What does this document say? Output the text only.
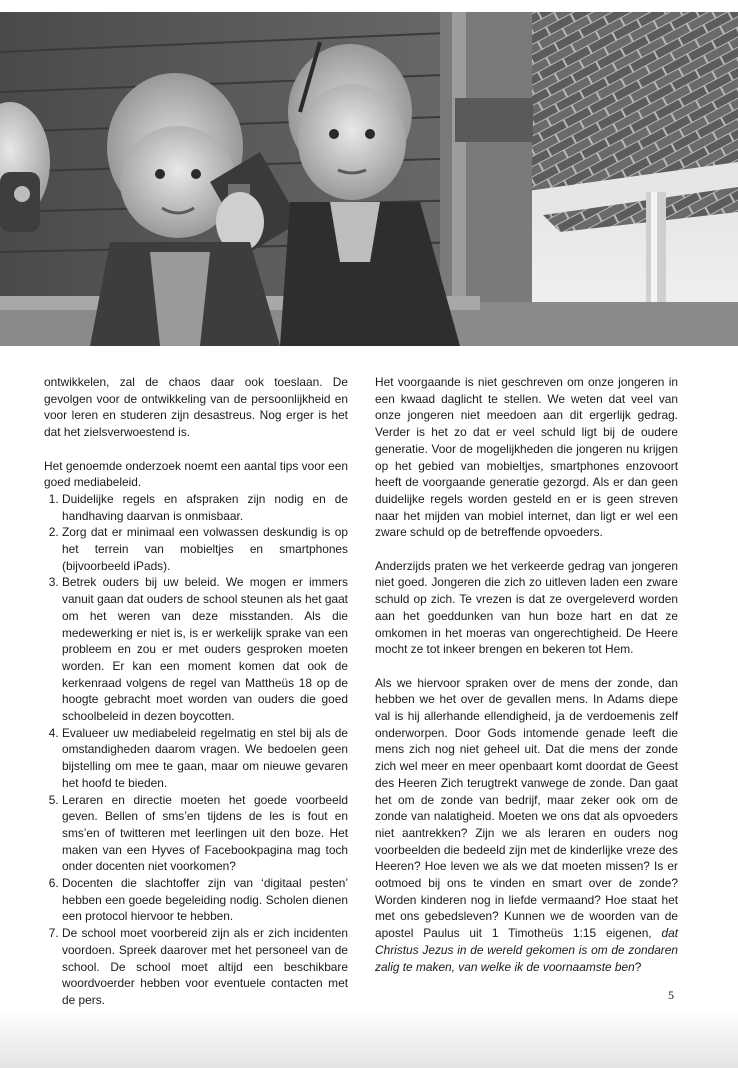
ontwikkelen, zal de chaos daar ook toeslaan. De gevolgen voor de ontwikkeling van de persoonlijkheid en voor leren en studeren zijn desastreus. Nog erger is het dat het zielsverwoestend is.

Het genoemde onderzoek noemt een aantal tips voor een goed mediabeleid.

1. Duidelijke regels en afspraken zijn nodig en de handhaving daarvan is onmisbaar.
2. Zorg dat er minimaal een volwassen deskundig is op het terrein van mobieltjes en smartphones (bijvoorbeeld iPads).
3. Betrek ouders bij uw beleid. We mogen er immers vanuit gaan dat ouders de school steunen als het gaat om het weren van deze misstanden. Als die medewerking er niet is, is er werkelijk sprake van een probleem en zou er met ouders gesproken moeten worden. Er kan een moment komen dat ook de kerkenraad volgens de regel van Mattheüs 18 op de hoogte gebracht moet worden van ouders die goed schoolbeleid in dezen boycotten.
4. Evalueer uw mediabeleid regelmatig en stel bij als de omstandigheden daarom vragen. We bedoelen geen bijstelling om mee te gaan, maar om nieuwe gevaren het hoofd te bieden.
5. Leraren en directie moeten het goede voorbeeld geven. Bellen of sms’en tijdens de les is fout en sms’en of twitteren met leerlingen uit den boze. Het maken van een Hyves of Facebookpagina mag toch onder docenten niet voorkomen?
6. Docenten die slachtoffer zijn van ‘digitaal pesten’ hebben een goede begeleiding nodig. Scholen dienen een protocol hiervoor te hebben.
7. De school moet voorbereid zijn als er zich incidenten voordoen. Spreek daarover met het personeel van de school. De school moet altijd een beschikbare woordvoerder hebben voor eventuele contacten met de pers.

Het voorgaande is niet geschreven om onze jongeren in een kwaad daglicht te stellen. We weten dat veel van onze jongeren niet meedoen aan dit ergerlijk gedrag. Verder is het zo dat er veel schuld ligt bij de oudere generatie. Voor de mogelijkheden die jongeren nu krijgen op het gebied van mobieltjes, smartphones enzovoort heeft de voorgaande generatie gezorgd. Als er dan geen duidelijke regels worden gesteld en er is geen streven naar het mijden van mobiel internet, dan ligt er wel een zware schuld op de betreffende opvoeders.

Anderzijds praten we het verkeerde gedrag van jongeren niet goed. Jongeren die zich zo uitleven laden een zware schuld op zich. Te vrezen is dat ze overgeleverd worden aan het goeddunken van hun boze hart en dat ze omkomen in het moeras van ongerechtigheid. De Heere mocht ze tot inkeer brengen en bekeren tot Hem.

Als we hiervoor spraken over de mens der zonde, dan hebben we het over de gevallen mens. In Adams diepe val is hij allerhande ellendigheid, ja de verdoemenis zelf onderworpen. Door Gods intomende genade leeft die mens zich nog niet geheel uit. Dat die mens der zonde zich wel meer en meer openbaart komt doordat de Geest des Heeren Zich terugtrekt vanwege de zonde. Dan gaat het om de zonde van bedrijf, maar zeker ook om de zonde van nalatigheid. Moeten we ons dat als opvoeders niet aantrekken? Zijn we als leraren en ouders nog voorbeelden die bedeeld zijn met de kinderlijke vreze des Heeren? Hoe leven we als we dat moeten missen? Is er ootmoed bij ons te vinden en smart over de zonde? Worden kinderen nog in liefde vermaand? Hoe staat het met ons gebedsleven? Kunnen we de woorden van de apostel Paulus uit 1 Timotheüs 1:15 eigenen, dat Christus Jezus in de wereld gekomen is om de zondaren zalig te maken, van welke ik de voornaamste ben?

5
